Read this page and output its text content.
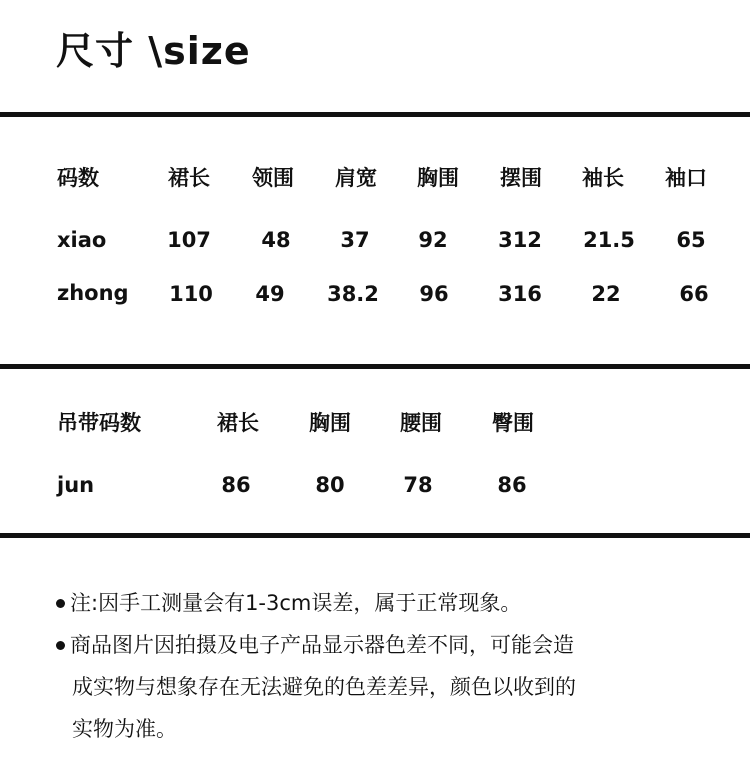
尺寸 \size
码数	裙长 领围 肩宽 胸围 摆围 袖长 袖口
xiao	107 48 37 92 312 21.5 65
zhong 110 49 38.2 96 316 22	66
吊带码数	裙长 胸围 腰围 臀围
jun	86	80	78	86
注:因手工测量会有1-3cm误差，属于正常现象。
商品图片因拍摄及电子产品显示器色差不同，可能会造
成实物与想象存在无法避免的色差差异，颜色以收到的
实物为准。
